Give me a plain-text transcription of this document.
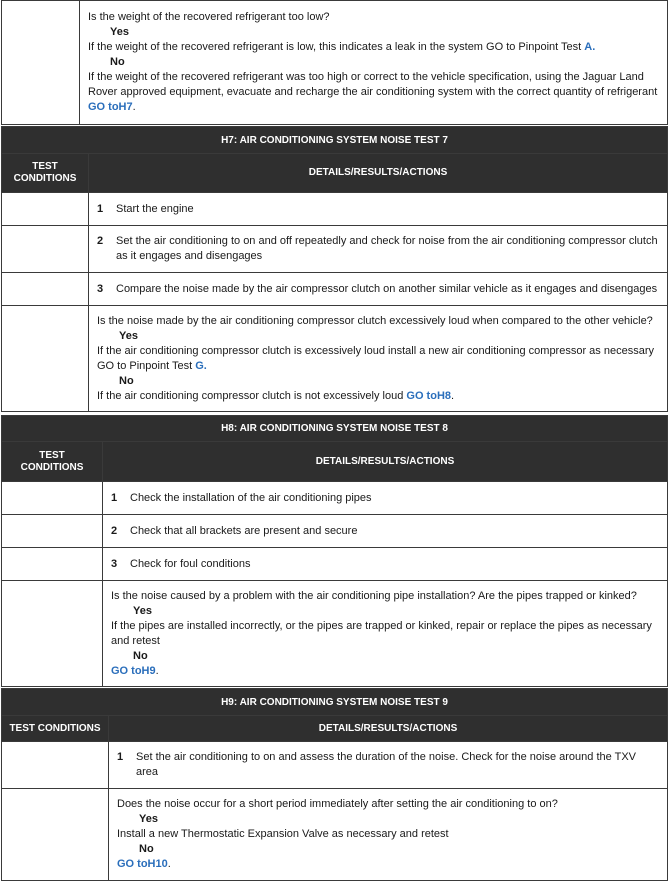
Is the weight of the recovered refrigerant too low?
Yes
If the weight of the recovered refrigerant is low, this indicates a leak in the system GO to Pinpoint Test A.
No
If the weight of the recovered refrigerant was too high or correct to the vehicle specification, using the Jaguar Land Rover approved equipment, evacuate and recharge the air conditioning system with the correct quantity of refrigerant
GO toH7.
H7: AIR CONDITIONING SYSTEM NOISE TEST 7	
TEST
CONDITIONS	DETAILS/RESULTS/ACTIONS

	1 Start the engine

	2 Set the air conditioning to on and off repeatedly and check for noise from the air conditioning compressor clutch as it engages and disengages

	3 Compare the noise made by the air compressor clutch on another similar vehicle as it engages and disengages

	Is the noise made by the air conditioning compressor clutch excessively loud when compared to the other vehicle?
Yes
If the air conditioning compressor clutch is excessively loud install a new air conditioning compressor as necessary GO to Pinpoint Test G.
No
If the air conditioning compressor clutch is not excessively loud GO toH8.
H8: AIR CONDITIONING SYSTEM NOISE TEST 8	
TEST
CONDITIONS	DETAILS/RESULTS/ACTIONS

	1 Check the installation of the air conditioning pipes

	2 Check that all brackets are present and secure

	3 Check for foul conditions

	Is the noise caused by a problem with the air conditioning pipe installation? Are the pipes trapped or kinked?
Yes
If the pipes are installed incorrectly, or the pipes are trapped or kinked, repair or replace the pipes as necessary and retest
No
GO toH9.
H9: AIR CONDITIONING SYSTEM NOISE TEST 9	
TEST CONDITIONS	DETAILS/RESULTS/ACTIONS

	1 Set the air conditioning to on and assess the duration of the noise. Check for the noise around the TXV area

	Does the noise occur for a short period immediately after setting the air conditioning to on?
Yes
Install a new Thermostatic Expansion Valve as necessary and retest
No
GO toH10.
